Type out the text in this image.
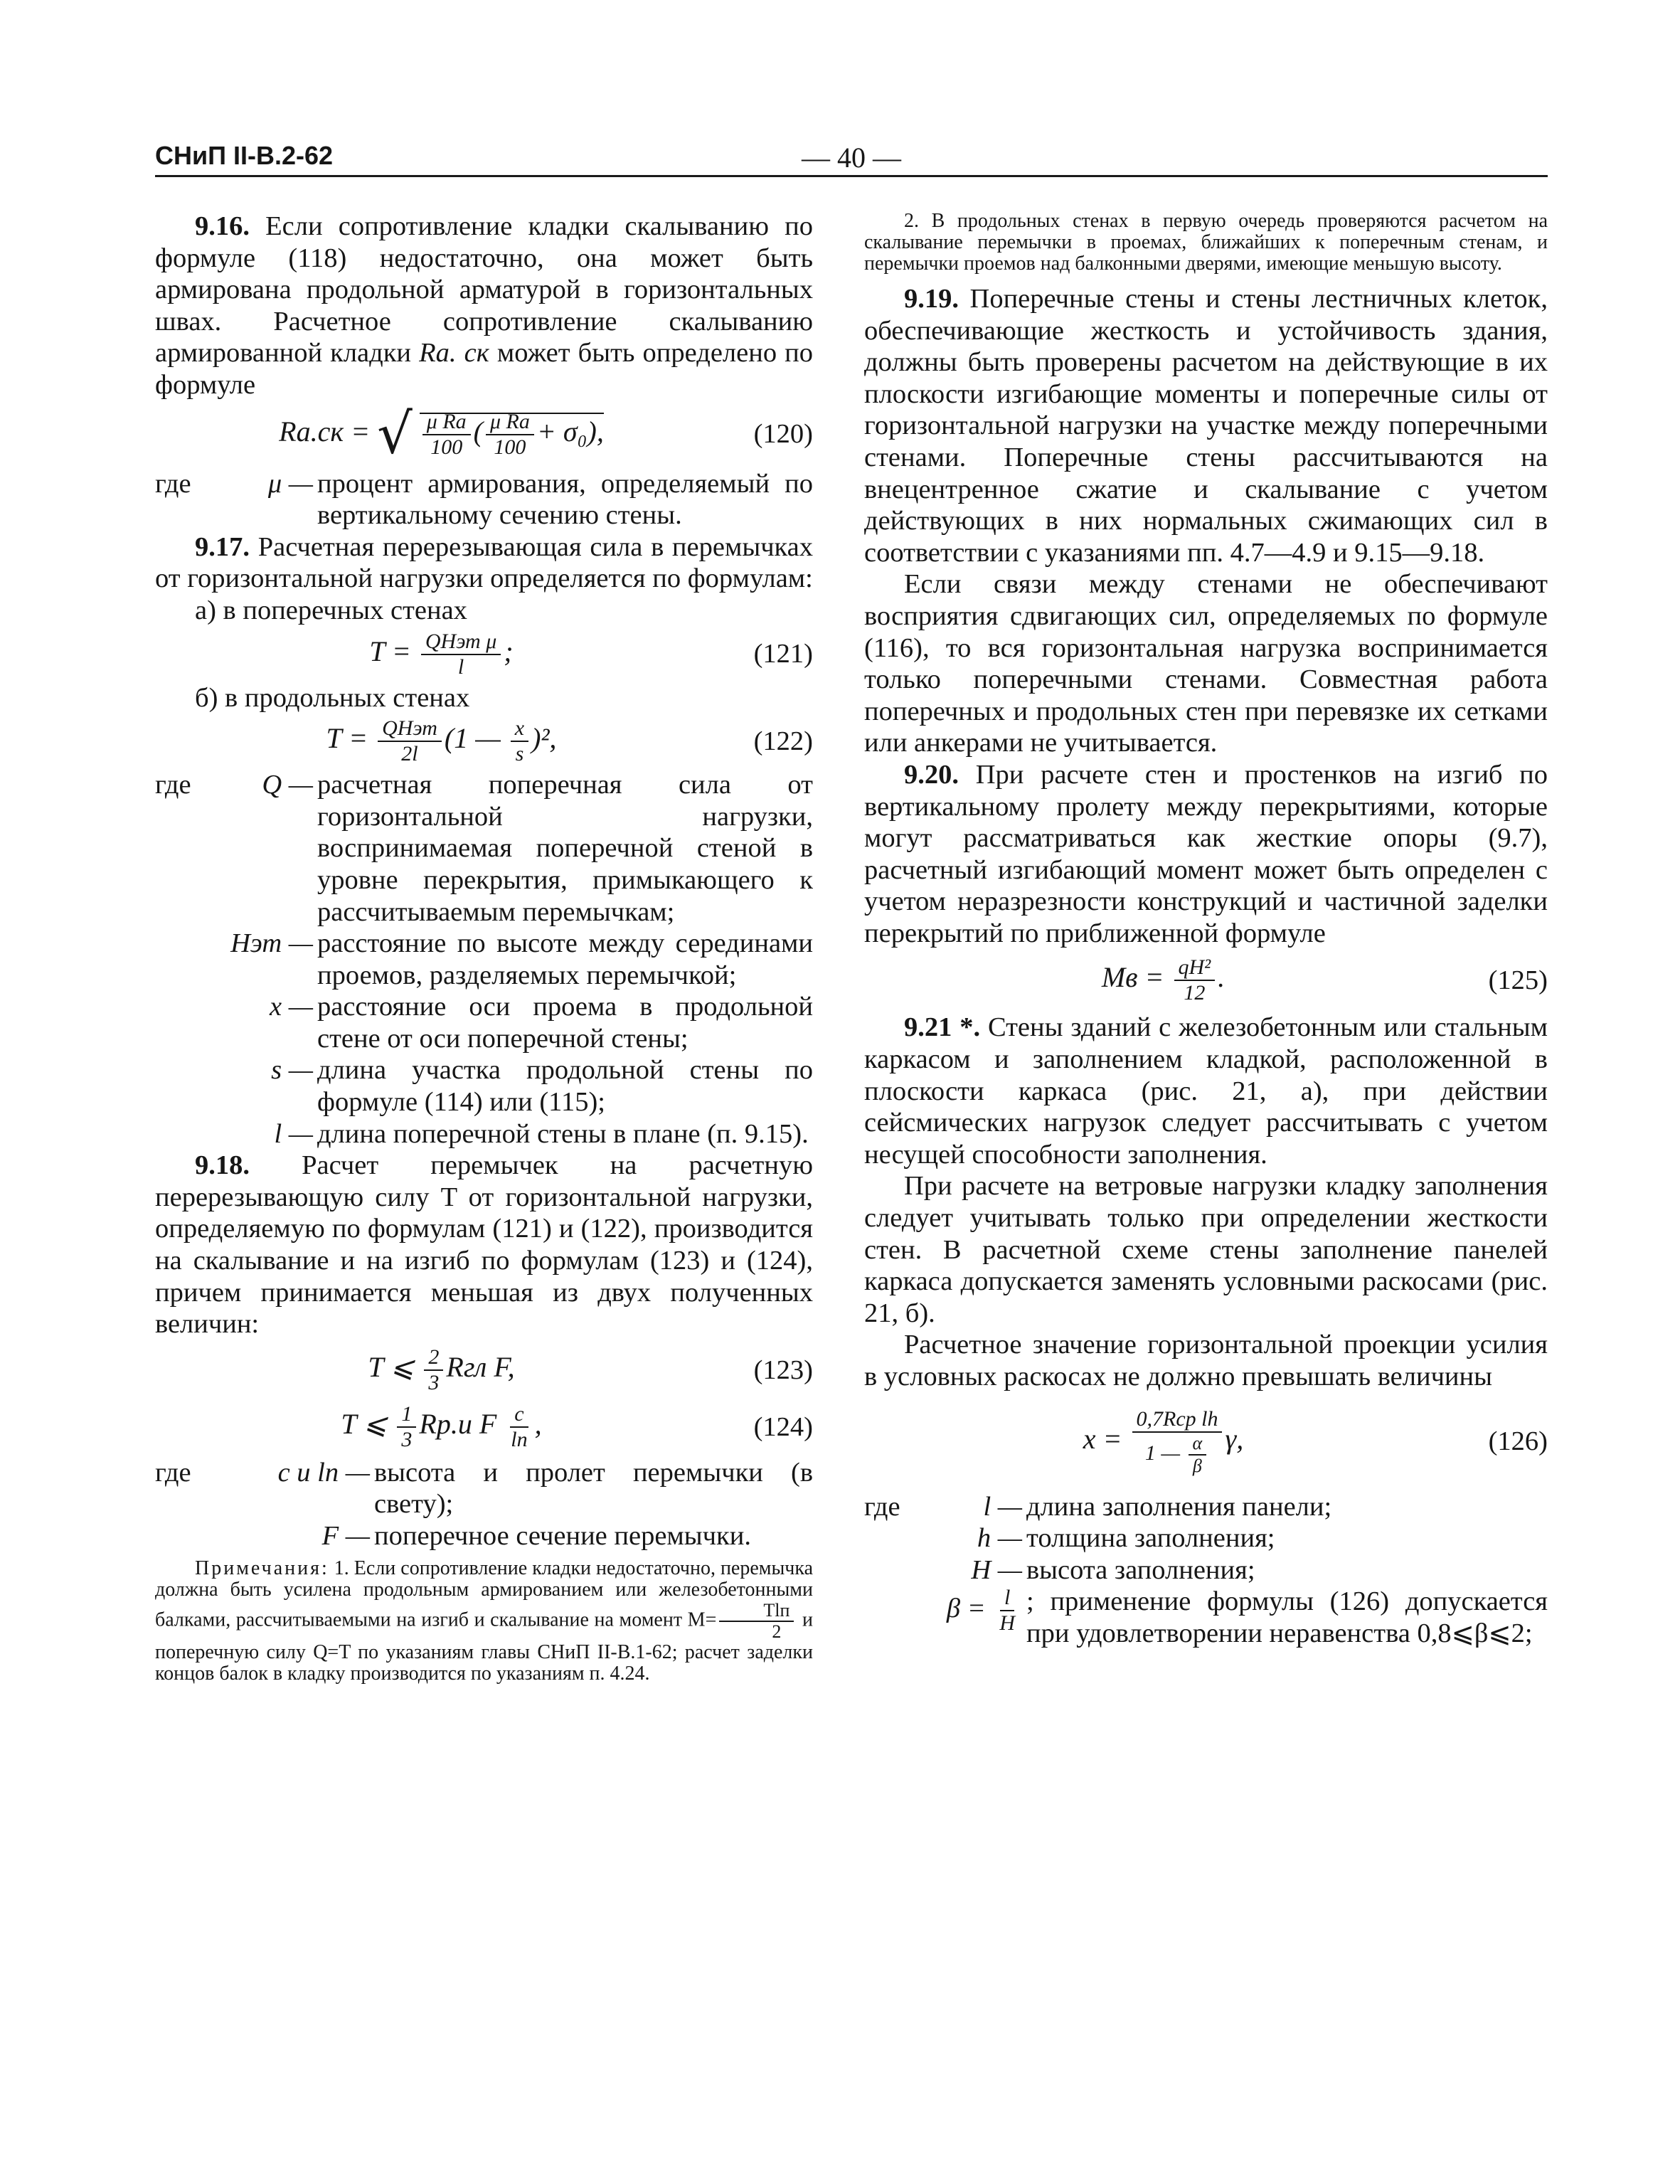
СНиП II-В.2-62	— 40 —

9.16. Если сопротивление кладки скалыванию по формуле (118) недостаточно, она может быть армирована продольной арматурой в горизонтальных швах. Расчетное сопротивление скалыванию армированной кладки Ra. ск может быть определено по формуле

Rа.ск = √ $\frac{\text{μ Rа}}{100}$ ( $\frac{\text{μ Rа}}{100} + \sigma_0$),	(120)
где	μ — процент армирования, определяемый по вертикальному сечению стены.

9.17. Расчетная перерезывающая сила в перемычках от горизонтальной нагрузки определяется по формулам:

а) в поперечных стенах

$T = \frac{\text{QHэт μ}}{l}$ ;	(121)

б) в продольных стенах

$T = \frac{\text{QHэт}}{2l} (1$ — $\frac{x}{s} )^2$,	(122)
где	Q — расчетная поперечная сила от горизонтальной нагрузки, воспринимаемая поперечной стеной в уровне перекрытия, примыкающего к рассчитываемым перемычкам;
Hэт — расстояние по высоте между серединами проемов, разделяемых перемычкой;
x — расстояние оси проема в продольной стене от оси поперечной стены;
s — длина участка продольной стены по формуле (114) или (115);
l — длина поперечной стены в плане (п. 9.15).

9.18. Расчет перемычек на расчетную перерезывающую силу T от горизонтальной нагрузки, определяемую по формулам (121) и (122), производится на скалывание и на изгиб по формулам (123) и (124), причем принимается меньшая из двух полученных величин:

T ⩽ $\frac{2}{3}$ Rгл F,	(123)
T ⩽ $\frac{1}{3} Rр.и$ F $\frac{c}{lп}$ ,	(124)
где	c и lп — высота и пролет перемычки (в свету);
F — поперечное сечение перемычки.

Примечания: 1. Если сопротивление кладки недостаточно, перемычка должна быть усилена продольным армированием или железобетонными балками, рассчитываемыми на изгиб и скалывание на момент $M= \frac{\text{Tlп}}{2}$ и поперечную силу Q=T по указаниям главы СНиП II-В.1-62; расчет заделки концов балок в кладку производится по указаниям п. 4.24.

2. В продольных стенах в первую очередь проверяются расчетом на скалывание перемычки в проемах, ближайших к поперечным стенам, и перемычки проемов над балконными дверями, имеющие меньшую высоту.

9.19. Поперечные стены и стены лестничных клеток, обеспечивающие жесткость и устойчивость здания, должны быть проверены расчетом на действующие в их плоскости изгибающие моменты и поперечные силы от горизонтальной нагрузки на участке между поперечными стенами. Поперечные стены рассчитываются на внецентренное сжатие и скалывание с учетом действующих в них нормальных сжимающих сил в соответствии с указаниями пп. 4.7—4.9 и 9.15—9.18.

Если связи между стенами не обеспечивают восприятия сдвигающих сил, определяемых по формуле (116), то вся горизонтальная нагрузка воспринимается только поперечными стенами. Совместная работа поперечных и продольных стен при перевязке их сетками или анкерами не учитывается.

9.20. При расчете стен и простенков на изгиб по вертикальному пролету между перекрытиями, которые могут рассматриваться как жесткие опоры (9.7), расчетный изгибающий момент может быть определен с учетом неразрезности конструкций и частичной заделки перекрытий по приближенной формуле

Mв = $\frac{\text{qH²}}{12}$ .	(125)

9.21 *. Стены зданий с железобетонным или стальным каркасом и заполнением кладкой, расположенной в плоскости каркаса (рис. 21, а), при действии сейсмических нагрузок следует рассчитывать с учетом несущей способности заполнения.

При расчете на ветровые нагрузки кладку заполнения следует учитывать только при определении жесткости стен. В расчетной схеме стены заполнение панелей каркаса допускается заменять условными раскосами (рис. 21, б).

Расчетное значение горизонтальной проекции усилия в условных раскосах не должно превышать величины

$x = \frac{\text{0,7Rср lh}}{1 — \frac{\alpha}{\beta}} \gamma$,	(126)
где	l — длина заполнения панели;
h — толщина заполнения;
H — высота заполнения;
$\beta = \frac{l}{H}$ ; применение формулы (126) допускается при удовлетворении неравенства 0,8⩽β⩽2;
